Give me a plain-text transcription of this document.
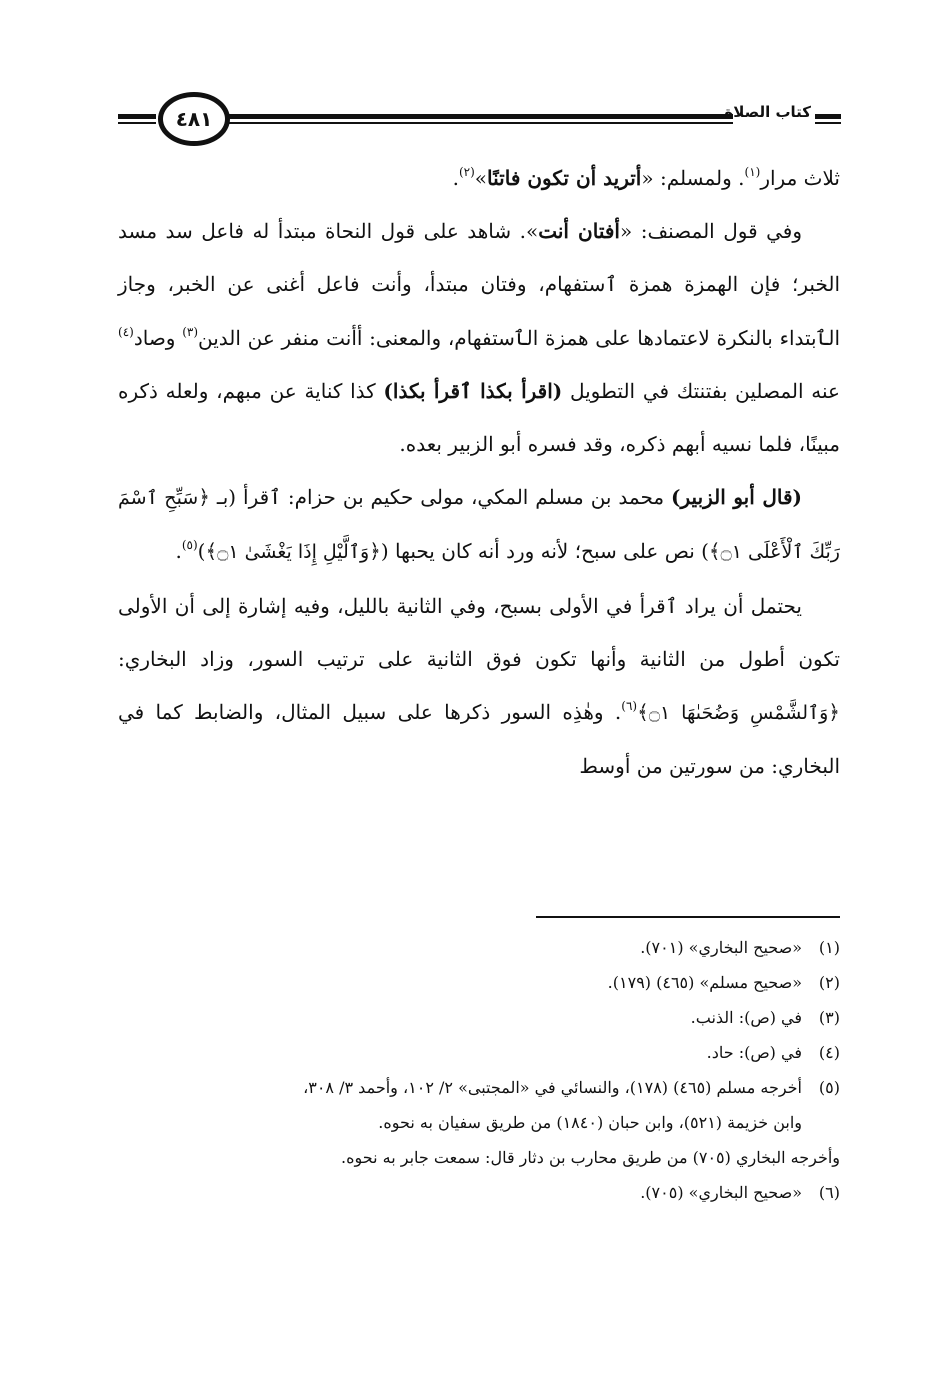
٤٨١	كتاب الصلاة

ثلاث مرار$^{(١)}$. ولمسلم: «أتريد أن تكون فاتنًا»$^{(٢)}$.

وفي قول المصنف: «أفتان أنت». شاهد على قول النحاة مبتدأ له فاعل سد مسد الخبر؛ فإن الهمزة همزة ٱستفهام، وفتان مبتدأ، وأنت فاعل أغنى عن الخبر، وجاز الٱبتداء بالنكرة لاعتمادها على همزة الٱستفهام، والمعنى: أأنت منفر عن الدين$^{(٣)}$ وصاد$^{(٤)}$ عنه المصلين بفتنتك في التطويل (اقرأ بكذا ٱقرأ بكذا) كذا كناية عن مبهم، ولعله ذكره مبينًا، فلما نسيه أبهم ذكره، وقد فسره أبو الزبير بعده.

(قال أبو الزبير) محمد بن مسلم المكي، مولى حكيم بن حزام: ٱقرأ (بـ ﴿سَبِّحِ ٱسْمَ رَبِّكَ ٱلْأَعْلَى ۝١﴾) نص على سبح؛ لأنه ورد أنه كان يحبها (﴿وَٱلَّيْلِ إِذَا يَغْشَىٰ ۝١﴾)$^{(٥)}$.

يحتمل أن يراد ٱقرأ في الأولى بسبح، وفي الثانية بالليل، وفيه إشارة إلى أن الأولى تكون أطول من الثانية وأنها تكون فوق الثانية على ترتيب السور، وزاد البخاري: ﴿وَٱلشَّمْسِ وَضُحَىٰهَا ۝١﴾$^{(٦)}$. وهٰذِه السور ذكرها على سبيل المثال، والضابط كما في البخاري: من سورتين من أوسط

(١)
«صحيح البخاري» (٧٠١).
(٢)
«صحيح مسلم» (٤٦٥) (١٧٩).
(٣)
في (ص): الذنب.
(٤)
في (ص): حاد.
(٥)
أخرجه مسلم (٤٦٥) (١٧٨)، والنسائي في «المجتبى» ٢/ ١٠٢، وأحمد ٣/ ٣٠٨،
وابن خزيمة (٥٢١)، وابن حبان (١٨٤٠) من طريق سفيان به نحوه.
وأخرجه البخاري (٧٠٥) من طريق محارب بن دثار قال: سمعت جابر به نحوه.
(٦)
«صحيح البخاري» (٧٠٥).
